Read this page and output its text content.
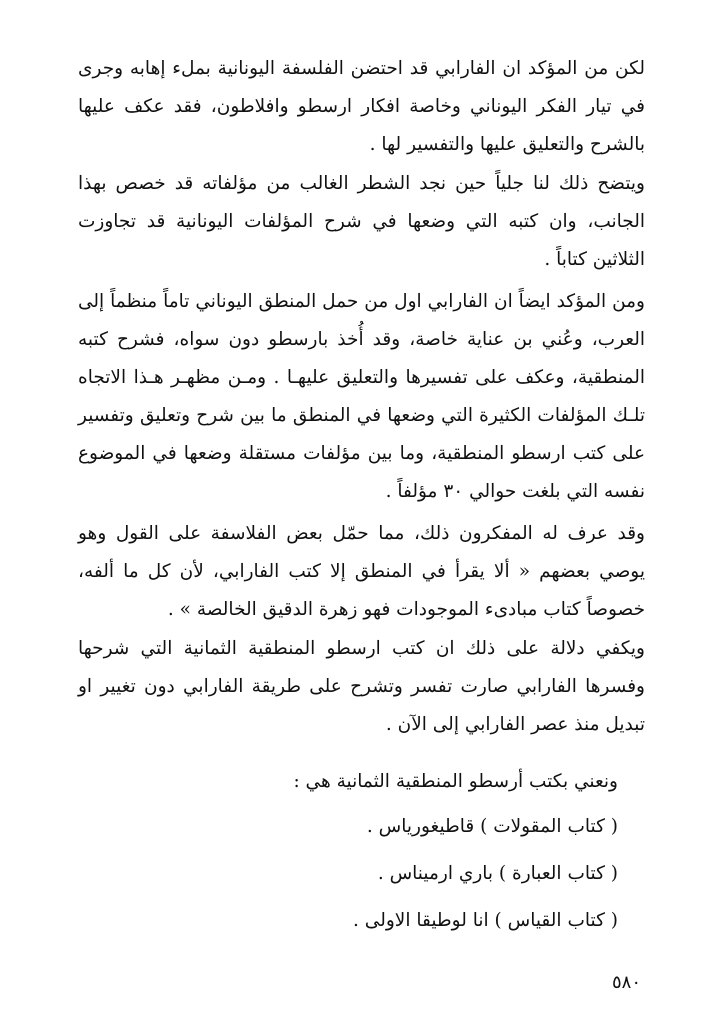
لكن من المؤكد ان الفارابي قد احتضن الفلسفة اليونانية بملء إهابه وجرى في تيار الفكر اليوناني وخاصة افكار ارسطو وافلاطون، فقد عكف عليها بالشرح والتعليق عليها والتفسير لها .

ويتضح ذلك لنا جلياً حين نجد الشطر الغالب من مؤلفاته قد خصص بهذا الجانب، وان كتبه التي وضعها في شرح المؤلفات اليونانية قد تجاوزت الثلاثين كتاباً .

ومن المؤكد ايضاً ان الفارابي اول من حمل المنطق اليوناني تاماً منظماً إلى العرب، وعُني بن عناية خاصة، وقد أُخذ بارسطو دون سواه، فشرح كتبه المنطقية، وعكف على تفسيرها والتعليق عليهـا . ومـن مظهـر هـذا الاتجاه تلـك المؤلفات الكثيرة التي وضعها في المنطق ما بين شرح وتعليق وتفسير على كتب ارسطو المنطقية، وما بين مؤلفات مستقلة وضعها في الموضوع نفسه التي بلغت حوالي ٣٠ مؤلفاً .

وقد عرف له المفكرون ذلك، مما حمّل بعض الفلاسفة على القول وهو يوصي بعضهم « ألا يقرأ في المنطق إلا كتب الفارابي، لأن كل ما ألفه، خصوصاً كتاب مبادىء الموجودات فهو زهرة الدقيق الخالصة » .

ويكفي دلالة على ذلك ان كتب ارسطو المنطقية الثمانية التي شرحها وفسرها الفارابي صارت تفسر وتشرح على طريقة الفارابي دون تغيير او تبديل منذ عصر الفارابي إلى الآن .

ونعني بكتب أرسطو المنطقية الثمانية هي :

( كتاب المقولات ) قاطيغورياس .

( كتاب العبارة ) باري ارميناس .

( كتاب القياس ) انا لوطيقا الاولى .

٥٨٠
